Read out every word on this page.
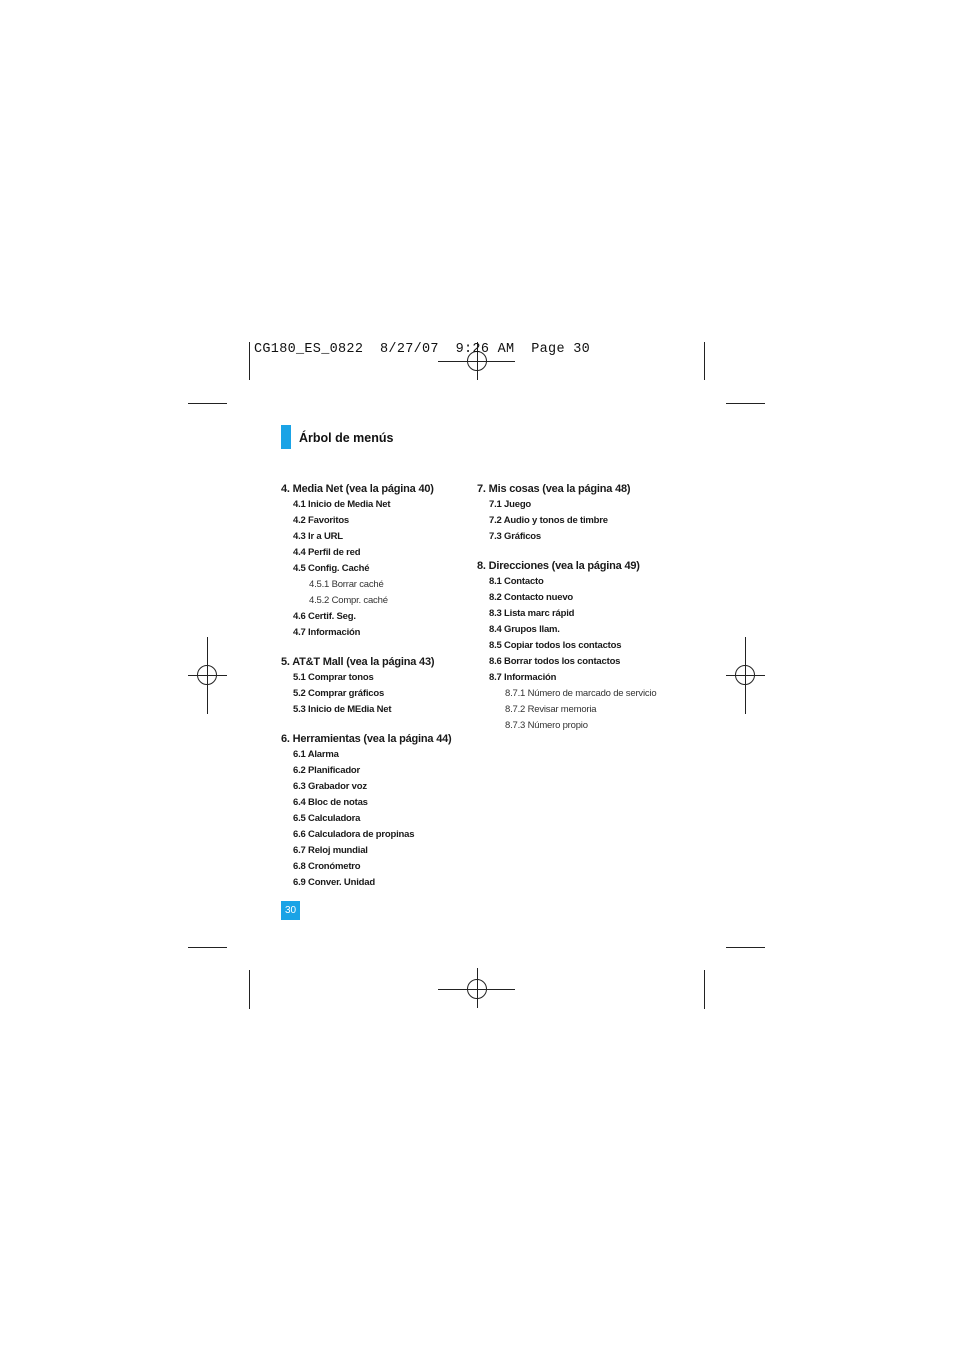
CG180_ES_0822  8/27/07  9:26 AM  Page 30
Árbol de menús
4. Media Net (vea la página 40)
4.1 Inicio de Media Net
4.2 Favoritos
4.3 Ir a URL
4.4 Perfil de red
4.5 Config. Caché
4.5.1 Borrar caché
4.5.2 Compr. caché
4.6 Certif. Seg.
4.7 Información
5. AT&T Mall (vea la página 43)
5.1 Comprar tonos
5.2 Comprar gráficos
5.3 Inicio de MEdia Net
6. Herramientas (vea la página 44)
6.1 Alarma
6.2 Planificador
6.3 Grabador voz
6.4 Bloc de notas
6.5 Calculadora
6.6 Calculadora de propinas
6.7 Reloj mundial
6.8 Cronómetro
6.9 Conver. Unidad
7. Mis cosas (vea la página 48)
7.1 Juego
7.2 Audio y tonos de timbre
7.3 Gráficos
8. Direcciones (vea la página 49)
8.1 Contacto
8.2 Contacto nuevo
8.3 Lista marc rápid
8.4 Grupos llam.
8.5 Copiar todos los contactos
8.6 Borrar todos los contactos
8.7 Información
8.7.1 Número de marcado de servicio
8.7.2 Revisar memoria
8.7.3 Número propio
30
